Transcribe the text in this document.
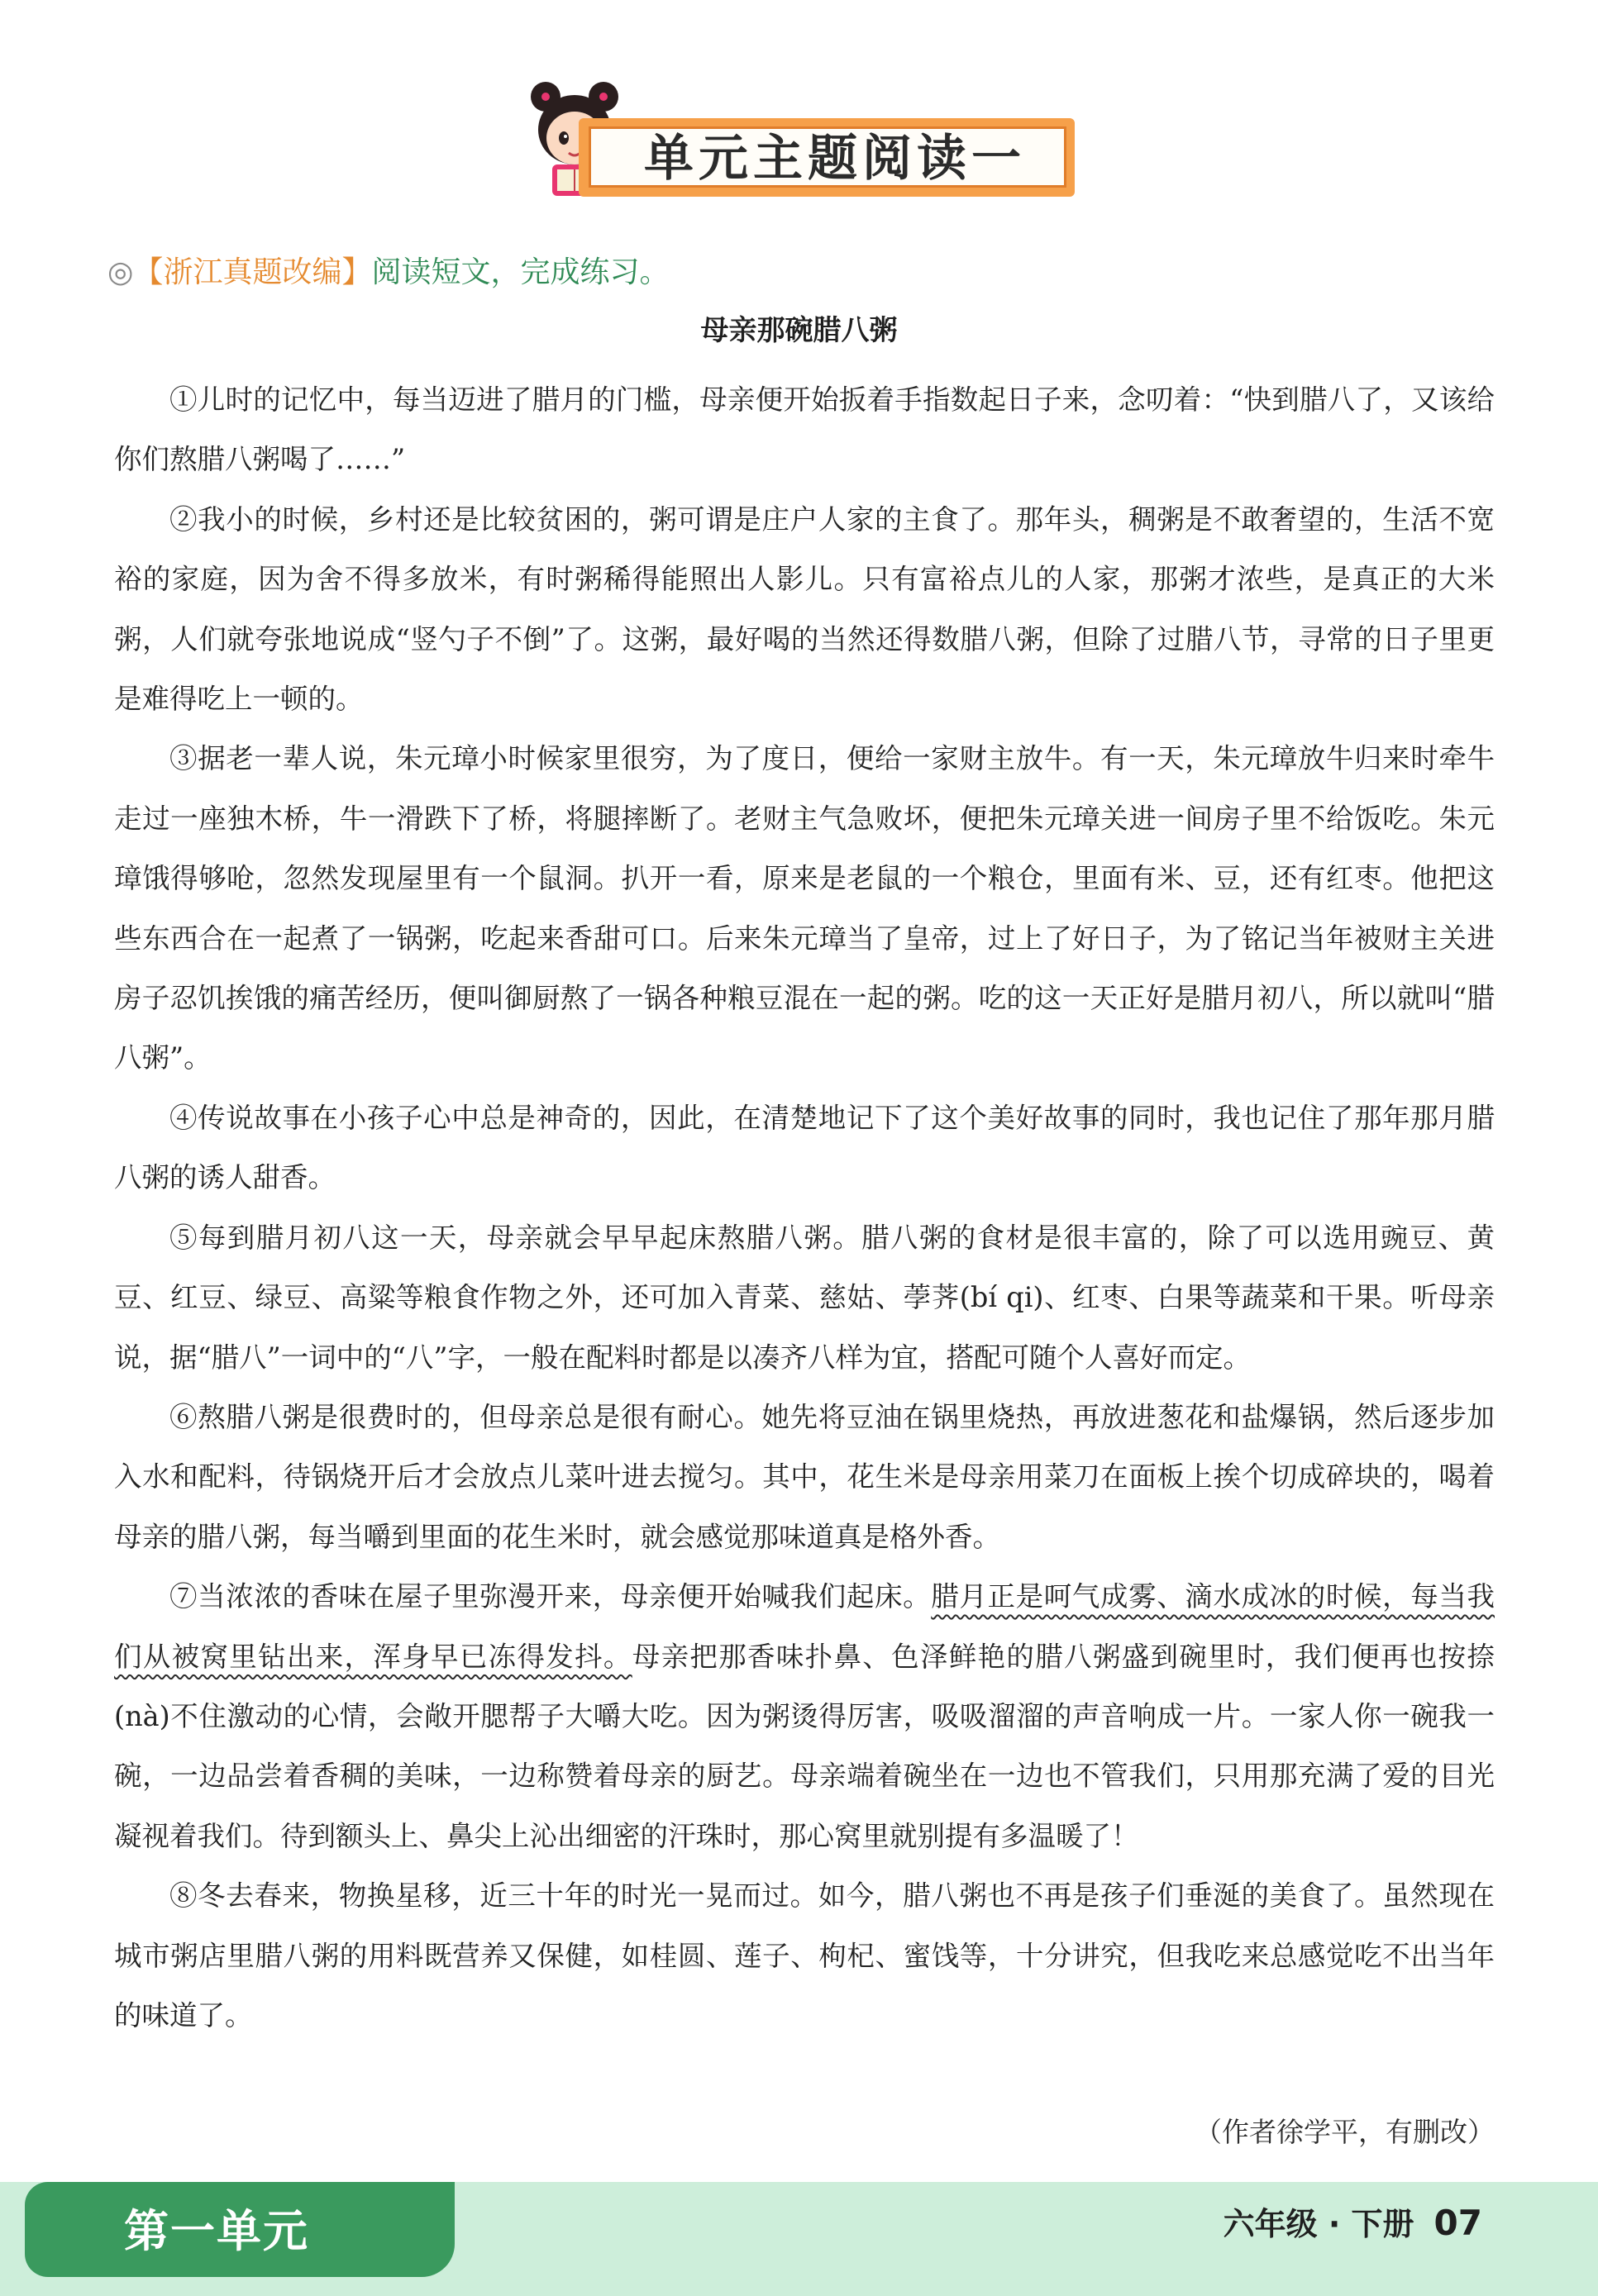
单元主题阅读一
◎【浙江真题改编】阅读短文，完成练习。
母亲那碗腊八粥

①儿时的记忆中，每当迈进了腊月的门槛，母亲便开始扳着手指数起日子来，念叨着：“快到腊八了，又该给你们熬腊八粥喝了……”

②我小的时候，乡村还是比较贫困的，粥可谓是庄户人家的主食了。那年头，稠粥是不敢奢望的，生活不宽裕的家庭，因为舍不得多放米，有时粥稀得能照出人影儿。只有富裕点儿的人家，那粥才浓些，是真正的大米粥，人们就夸张地说成“竖勺子不倒”了。这粥，最好喝的当然还得数腊八粥，但除了过腊八节，寻常的日子里更是难得吃上一顿的。

③据老一辈人说，朱元璋小时候家里很穷，为了度日，便给一家财主放牛。有一天，朱元璋放牛归来时牵牛走过一座独木桥，牛一滑跌下了桥，将腿摔断了。老财主气急败坏，便把朱元璋关进一间房子里不给饭吃。朱元璋饿得够呛，忽然发现屋里有一个鼠洞。扒开一看，原来是老鼠的一个粮仓，里面有米、豆，还有红枣。他把这些东西合在一起煮了一锅粥，吃起来香甜可口。后来朱元璋当了皇帝，过上了好日子，为了铭记当年被财主关进房子忍饥挨饿的痛苦经历，便叫御厨熬了一锅各种粮豆混在一起的粥。吃的这一天正好是腊月初八，所以就叫“腊八粥”。

④传说故事在小孩子心中总是神奇的，因此，在清楚地记下了这个美好故事的同时，我也记住了那年那月腊八粥的诱人甜香。

⑤每到腊月初八这一天，母亲就会早早起床熬腊八粥。腊八粥的食材是很丰富的，除了可以选用豌豆、黄豆、红豆、绿豆、高粱等粮食作物之外，还可加入青菜、慈姑、荸荠(bí qi)、红枣、白果等蔬菜和干果。听母亲说，据“腊八”一词中的“八”字，一般在配料时都是以凑齐八样为宜，搭配可随个人喜好而定。

⑥熬腊八粥是很费时的，但母亲总是很有耐心。她先将豆油在锅里烧热，再放进葱花和盐爆锅，然后逐步加入水和配料，待锅烧开后才会放点儿菜叶进去搅匀。其中，花生米是母亲用菜刀在面板上挨个切成碎块的，喝着母亲的腊八粥，每当嚼到里面的花生米时，就会感觉那味道真是格外香。

⑦当浓浓的香味在屋子里弥漫开来，母亲便开始喊我们起床。腊月正是呵气成雾、滴水成冰的时候，每当我们从被窝里钻出来，浑身早已冻得发抖。母亲把那香味扑鼻、色泽鲜艳的腊八粥盛到碗里时，我们便再也按捺(nà)不住激动的心情，会敞开腮帮子大嚼大吃。因为粥烫得厉害，吸吸溜溜的声音响成一片。一家人你一碗我一碗，一边品尝着香稠的美味，一边称赞着母亲的厨艺。母亲端着碗坐在一边也不管我们，只用那充满了爱的目光凝视着我们。待到额头上、鼻尖上沁出细密的汗珠时，那心窝里就别提有多温暖了！

⑧冬去春来，物换星移，近三十年的时光一晃而过。如今，腊八粥也不再是孩子们垂涎的美食了。虽然现在城市粥店里腊八粥的用料既营养又保健，如桂圆、莲子、枸杞、蜜饯等，十分讲究，但我吃来总感觉吃不出当年的味道了。

（作者徐学平，有删改）
第一单元	六年级 · 下册 07
